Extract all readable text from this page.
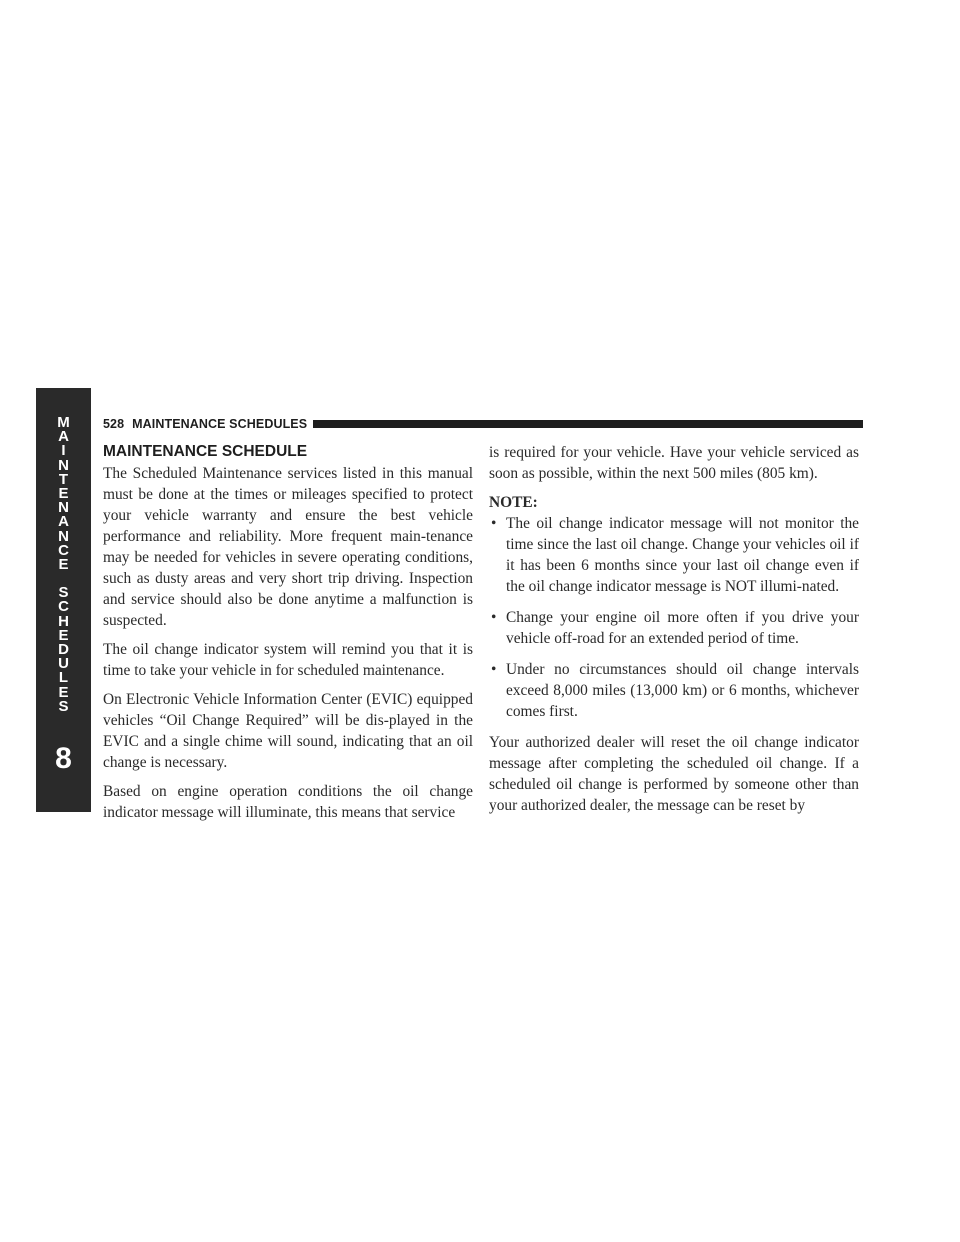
M
A
I
N
T
E
N
A
N
C
E
S
C
H
E
D
U
L
E
S
8
528 MAINTENANCE SCHEDULES
MAINTENANCE SCHEDULE

The Scheduled Maintenance services listed in this manual must be done at the times or mileages specified to protect your vehicle warranty and ensure the best vehicle performance and reliability. More frequent main-tenance may be needed for vehicles in severe operating conditions, such as dusty areas and very short trip driving. Inspection and service should also be done anytime a malfunction is suspected.

The oil change indicator system will remind you that it is time to take your vehicle in for scheduled maintenance.

On Electronic Vehicle Information Center (EVIC) equipped vehicles “Oil Change Required” will be dis-played in the EVIC and a single chime will sound, indicating that an oil change is necessary.

Based on engine operation conditions the oil change indicator message will illuminate, this means that service

is required for your vehicle. Have your vehicle serviced as soon as possible, within the next 500 miles (805 km).

NOTE:
• The oil change indicator message will not monitor the time since the last oil change. Change your vehicles oil if it has been 6 months since your last oil change even if the oil change indicator message is NOT illumi-nated.
• Change your engine oil more often if you drive your vehicle off-road for an extended period of time.
• Under no circumstances should oil change intervals exceed 8,000 miles (13,000 km) or 6 months, whichever comes first.

Your authorized dealer will reset the oil change indicator message after completing the scheduled oil change. If a scheduled oil change is performed by someone other than your authorized dealer, the message can be reset by
